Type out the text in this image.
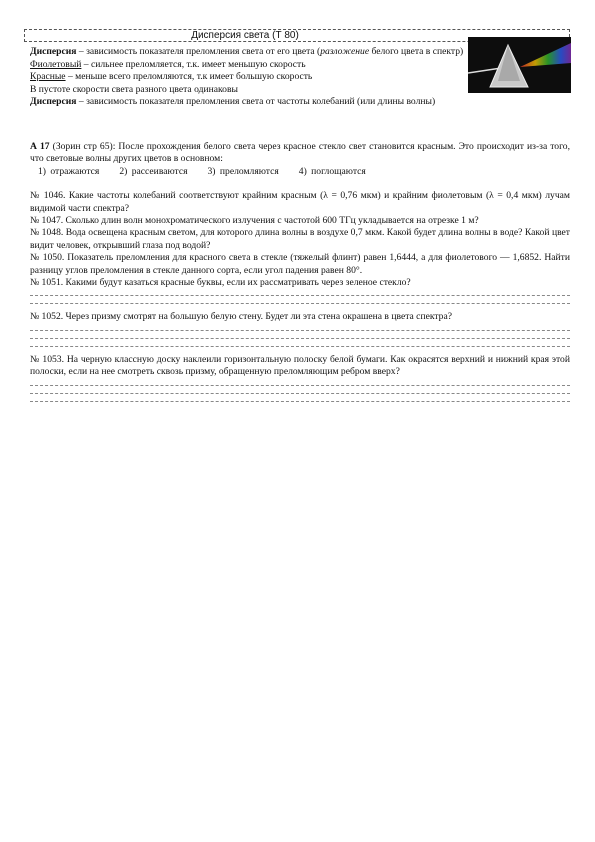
Дисперсия света (Т 80)

Дисперсия – зависимость показателя преломления света от его цвета (разложение белого цвета в спектр)

Фиолетовый – сильнее преломляется, т.к. имеет меньшую скорость

Красные – меньше всего преломляются, т.к имеет большую скорость

В пустоте скорости света разного цвета одинаковы

Дисперсия – зависимость показателя преломления света от частоты колебаний (или длины волны)

А 17 (Зорин стр 65): После прохождения белого света через красное стекло свет становится красным. Это происходит из-за того, что световые волны других цветов в основном:

1) отражаются 2) рассеиваются 3) преломляются 4) поглощаются

№ 1046. Какие частоты колебаний соответствуют крайним красным (λ = 0,76 мкм) и крайним фиолетовым (λ = 0,4 мкм) лучам видимой части спектра?

№ 1047. Сколько длин волн монохроматического излучения с частотой 600 ТГц укладывается на отрезке 1 м?

№ 1048. Вода освещена красным светом, для которого длина волны в воздухе 0,7 мкм. Какой будет длина волны в воде? Какой цвет видит человек, открывший глаза под водой?

№ 1050. Показатель преломления для красного света в стекле (тяжелый флинт) равен 1,6444, а для фиолетового — 1,6852. Найти разницу углов преломления в стекле данного сорта, если угол падения равен 80°.

№ 1051. Какими будут казаться красные буквы, если их рассматривать через зеленое стекло?

№ 1052. Через призму смотрят на большую белую стену. Будет ли эта стена окрашена в цвета спектра?

№ 1053. На черную классную доску наклеили горизонтальную полоску белой бумаги. Как окрасятся верхний и нижний края этой полоски, если на нее смотреть сквозь призму, обращенную преломляющим ребром вверх?
